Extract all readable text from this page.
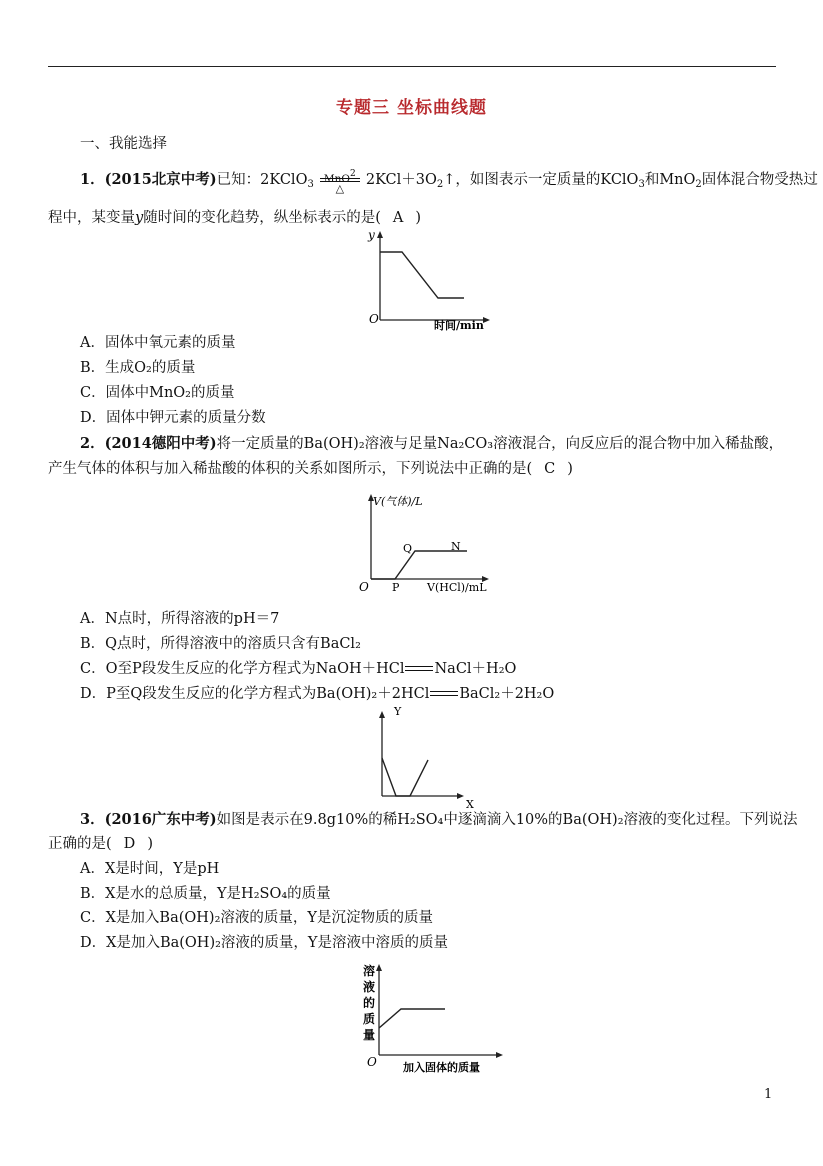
专题三 坐标曲线题
一、我能选择
1．(2015北京中考)已知：2KClO$_3$ MnO2
△
$2KCl+3O_2↑$，如图表示一定质量的KClO$_3$和MnO$_2$固体混合物受热过
程中，某变量y随时间的变化趋势，纵坐标表示的是( A )
y
O	时间/min
A．固体中氧元素的质量
B．生成O₂的质量
C．固体中MnO₂的质量
D．固体中钾元素的质量分数
2．(2014德阳中考)将一定质量的Ba(OH)₂溶液与足量Na₂CO₃溶液混合，向反应后的混合物中加入稀盐酸，
产生气体的体积与加入稀盐酸的体积的关系如图所示，下列说法中正确的是( C )
V(气体)/L
O P
Q	N
V(HCl)/mL
A．N点时，所得溶液的pH＝7
B．Q点时，所得溶液中的溶质只含有BaCl₂
C．O至P段发生反应的化学方程式为NaOH＋HCl NaCl＋H₂O
D．P至Q段发生反应的化学方程式为Ba(OH)₂＋2HCl BaCl₂＋2H₂O
Y
X
3．(2016广东中考)如图是表示在9.8g10%的稀H₂SO₄中逐滴滴入10%的Ba(OH)₂溶液的变化过程。下列说法
正确的是( D )
A．X是时间，Y是pH
B．X是水的总质量，Y是H₂SO₄的质量
C．X是加入Ba(OH)₂溶液的质量，Y是沉淀物质的质量
D．X是加入Ba(OH)₂溶液的质量，Y是溶液中溶质的质量
溶
液
的
质
量
O 加入固体的质量
1
